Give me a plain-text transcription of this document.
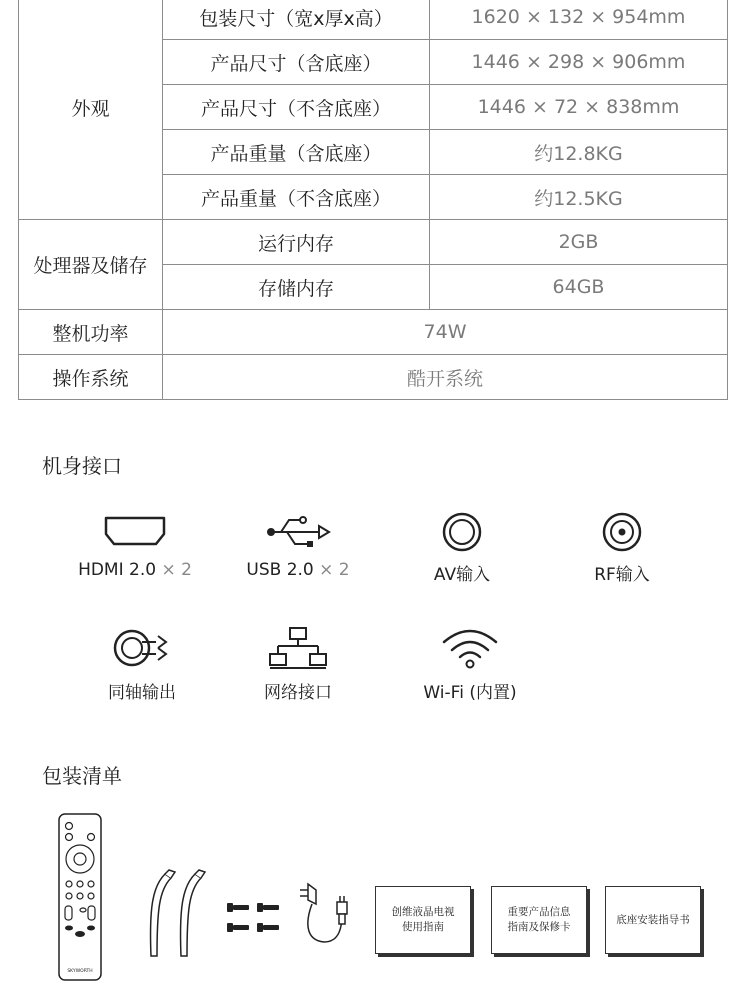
外观	包装尺寸（宽x厚x高）	1620 × 132 × 954mm
	产品尺寸（含底座）	1446 × 298 × 906mm
	产品尺寸（不含底座）	1446 × 72 × 838mm
	产品重量（含底座）	约12.8KG
	产品重量（不含底座）	约12.5KG
处理器及储存	运行内存	2GB
	存储内存	64GB
整机功率	74W	
操作系统	酷开系统	
机身接口
HDMI 2.0 × 2	USB 2.0 × 2	AV输入	RF输入
同轴输出	网络接口	Wi-Fi (内置)
包装清单
SKYWORTH
创维液晶电视
使用指南
重要产品信息
指南及保修卡
底座安装指导书
